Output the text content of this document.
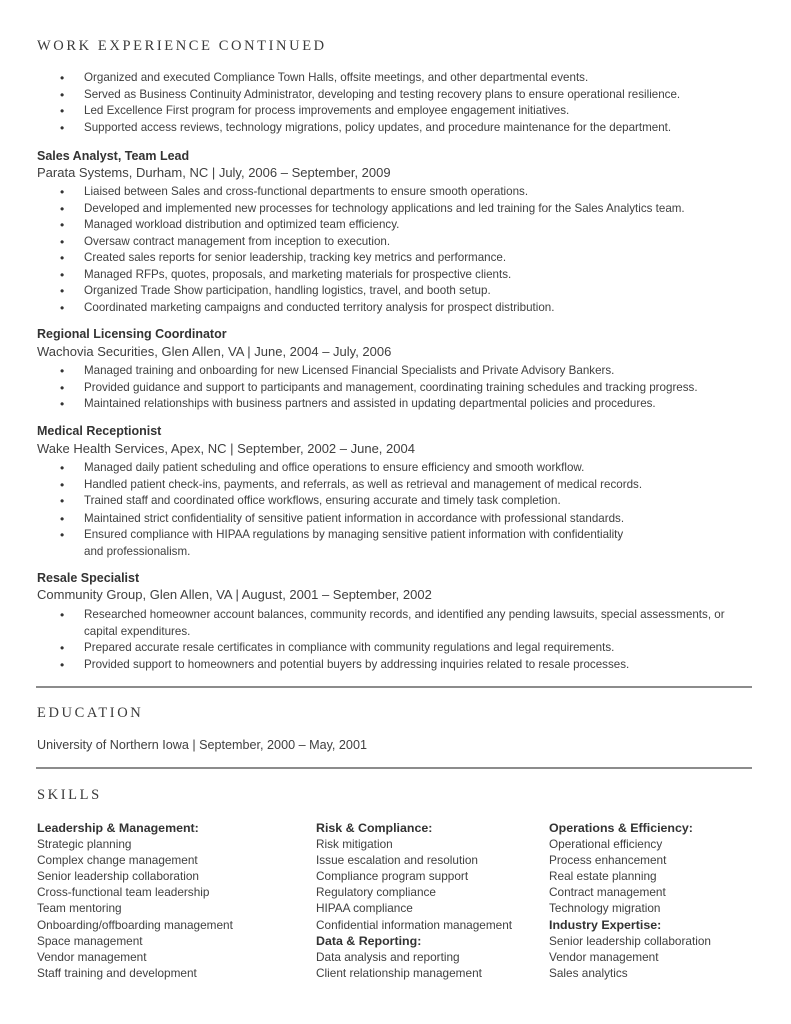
WORK EXPERIENCE CONTINUED
• Organized and executed Compliance Town Halls, offsite meetings, and other departmental events.
• Served as Business Continuity Administrator, developing and testing recovery plans to ensure operational resilience.
• Led Excellence First program for process improvements and employee engagement initiatives.
• Supported access reviews, technology migrations, policy updates, and procedure maintenance for the department.
Sales Analyst, Team Lead
Parata Systems, Durham, NC | July, 2006 – September, 2009
• Liaised between Sales and cross-functional departments to ensure smooth operations.
• Developed and implemented new processes for technology applications and led training for the Sales Analytics team.
• Managed workload distribution and optimized team efficiency.
• Oversaw contract management from inception to execution.
• Created sales reports for senior leadership, tracking key metrics and performance.
• Managed RFPs, quotes, proposals, and marketing materials for prospective clients.
• Organized Trade Show participation, handling logistics, travel, and booth setup.
• Coordinated marketing campaigns and conducted territory analysis for prospect distribution.
Regional Licensing Coordinator
Wachovia Securities, Glen Allen, VA | June, 2004 – July, 2006
• Managed training and onboarding for new Licensed Financial Specialists and Private Advisory Bankers.
• Provided guidance and support to participants and management, coordinating training schedules and tracking progress.
• Maintained relationships with business partners and assisted in updating departmental policies and procedures.
Medical Receptionist
Wake Health Services, Apex, NC | September, 2002 – June, 2004
• Managed daily patient scheduling and office operations to ensure efficiency and smooth workflow.
• Handled patient check-ins, payments, and referrals, as well as retrieval and management of medical records.
• Trained staff and coordinated office workflows, ensuring accurate and timely task completion.
• Maintained strict confidentiality of sensitive patient information in accordance with professional standards.
• Ensured compliance with HIPAA regulations by managing sensitive patient information with confidentiality and professionalism.
Resale Specialist
Community Group, Glen Allen, VA | August, 2001 – September, 2002
• Researched homeowner account balances, community records, and identified any pending lawsuits, special assessments, or capital expenditures.
• Prepared accurate resale certificates in compliance with community regulations and legal requirements.
• Provided support to homeowners and potential buyers by addressing inquiries related to resale processes.
EDUCATION
University of Northern Iowa | September, 2000 – May, 2001
SKILLS
Leadership & Management:
Strategic planning
Complex change management
Senior leadership collaboration
Cross-functional team leadership
Team mentoring
Onboarding/offboarding management
Space management
Vendor management
Staff training and development
Risk & Compliance:
Risk mitigation
Issue escalation and resolution
Compliance program support
Regulatory compliance
HIPAA compliance
Confidential information management
Data & Reporting:
Data analysis and reporting
Client relationship management
Operations & Efficiency:
Operational efficiency
Process enhancement
Real estate planning
Contract management
Technology migration
Industry Expertise:
Senior leadership collaboration
Vendor management
Sales analytics
